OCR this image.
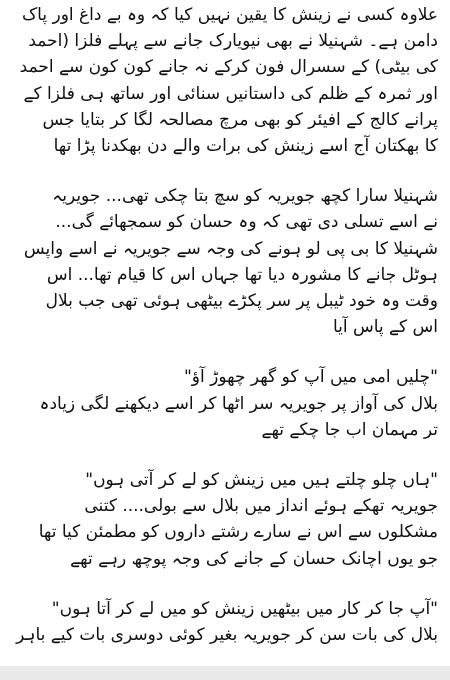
علاوہ کسی نے زینش کا یقین نہیں کیا کہ وہ بے داغ اور پاک
دامن ہے۔ شہنیلا نے بھی نیویارک جانے سے پہلے فلزا (احمد
کی بیٹی) کے سسرال فون کرکے نہ جانے کون کون سے احمد
اور ثمرہ کے ظلم کی داستانیں سنائی اور ساتھ ہی فلزا کے
پرانے کالج کے افیئر کو بھی مرچ مصالحہ لگا کر بتایا جس
کا بھکتان آج اسے زینش کی برات والے دن بھکدنا پڑا تھا
شہنیلا سارا کچھ جویریہ کو سچ بتا چکی تھی... جویریہ
نے اسے تسلی دی تھی کہ وہ حسان کو سمجھائے گی...
شہنیلا کا بی پی لو ہونے کی وجہ سے جویریہ نے اسے واپس
ہوٹل جانے کا مشورہ دیا تھا جہاں اس کا قیام تھا... اس
وقت وہ خود ٹیبل پر سر پکڑے بیٹھی ہوئی تھی جب بلال
اس کے پاس آیا
"چلیں امی میں آپ کو گھر چھوڑ آؤ"
بلال کی آواز پر جویریہ سر اٹھا کر اسے دیکھنے لگی زیادہ
تر مہمان اب جا چکے تھے
"ہاں چلو چلتے ہیں میں زینش کو لے کر آتی ہوں"
جویریہ تھکے ہوئے انداز میں بلال سے بولی.... کتنی
مشکلوں سے اس نے سارے رشتے داروں کو مطمئن کیا تھا
جو یوں اچانک حسان کے جانے کی وجہ پوچھ رہے تھے
"آپ جا کر کار میں بیٹھیں زینش کو میں لے کر آتا ہوں"
بلال کی بات سن کر جویریہ بغیر کوئی دوسری بات کیے باہر
